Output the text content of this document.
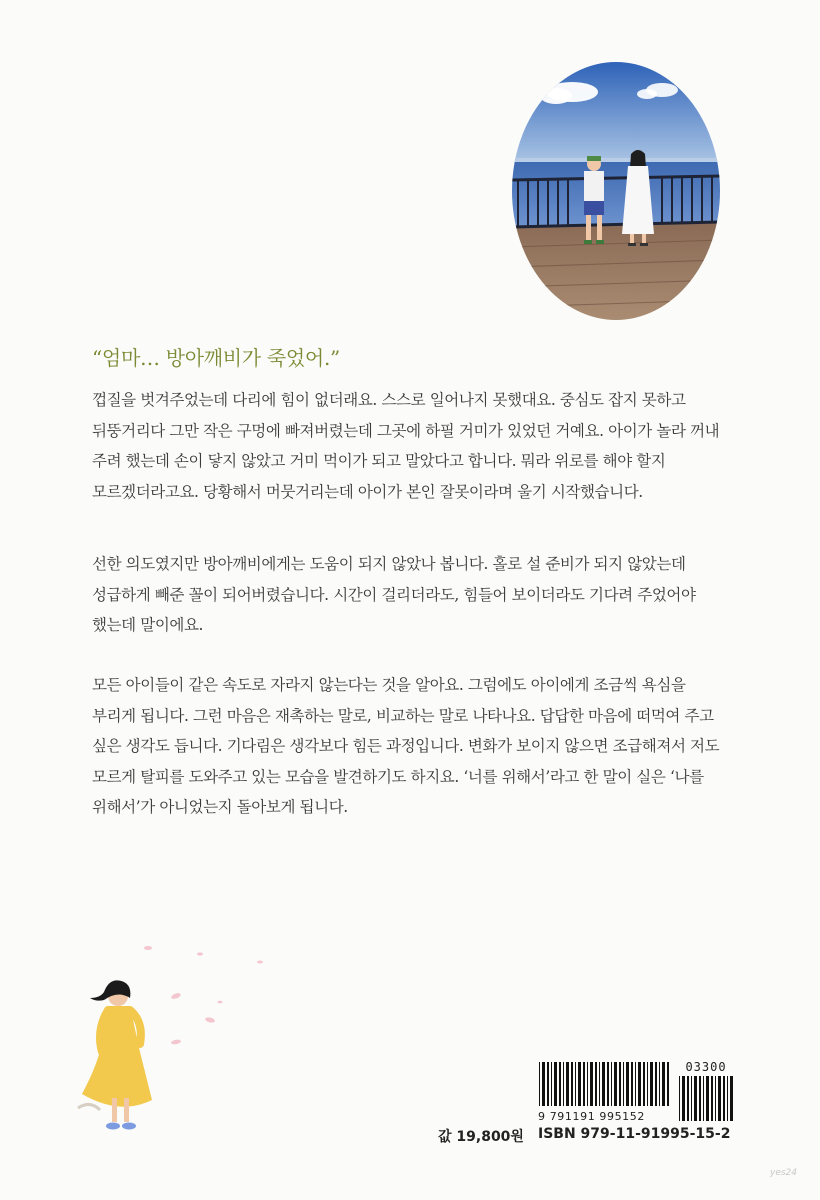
“엄마… 방아깨비가 죽었어.”

껍질을 벗겨주었는데 다리에 힘이 없더래요. 스스로 일어나지 못했대요. 중심도 잡지 못하고 뒤뚱거리다 그만 작은 구멍에 빠져버렸는데 그곳에 하필 거미가 있었던 거예요. 아이가 놀라 꺼내 주려 했는데 손이 닿지 않았고 거미 먹이가 되고 말았다고 합니다. 뭐라 위로를 해야 할지 모르겠더라고요. 당황해서 머뭇거리는데 아이가 본인 잘못이라며 울기 시작했습니다.

선한 의도였지만 방아깨비에게는 도움이 되지 않았나 봅니다. 홀로 설 준비가 되지 않았는데 성급하게 빼준 꼴이 되어버렸습니다. 시간이 걸리더라도, 힘들어 보이더라도 기다려 주었어야 했는데 말이에요.

모든 아이들이 같은 속도로 자라지 않는다는 것을 알아요. 그럼에도 아이에게 조금씩 욕심을 부리게 됩니다. 그런 마음은 재촉하는 말로, 비교하는 말로 나타나요. 답답한 마음에 떠먹여 주고 싶은 생각도 듭니다. 기다림은 생각보다 힘든 과정입니다. 변화가 보이지 않으면 조급해져서 저도 모르게 탈피를 도와주고 있는 모습을 발견하기도 하지요. ‘너를 위해서’라고 한 말이 실은 ‘나를 위해서’가 아니었는지 돌아보게 됩니다.

값 19,800원
03300
9 791191 995152
ISBN 979-11-91995-15-2
yes24
